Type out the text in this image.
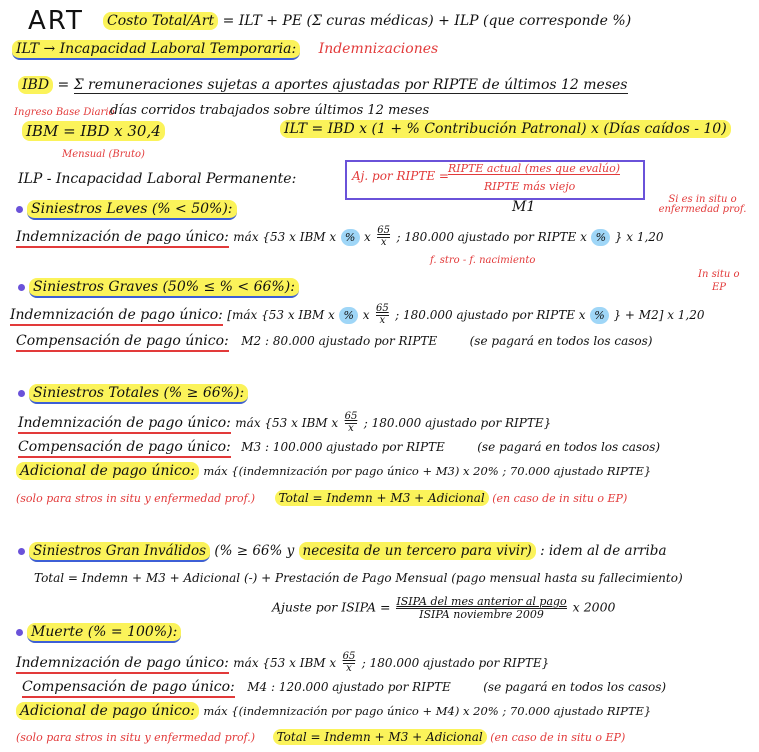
ART Costo Total/Art = ILT + PE (Σ curas médicas) + ILP (que corresponde %)
ILT → Incapacidad Laboral Temporaria: Indemnizaciones
IBD = Σ remuneraciones sujetas a aportes ajustadas por RIPTE de últimos 12 meses
Ingreso Base Diario
días corridos trabajados sobre últimos 12 meses
IBM = IBD x 30,4	ILT = IBD x (1 + % Contribución Patronal) x (Días caídos - 10)
Mensual (Bruto)
ILP - Incapacidad Laboral Permanente:	Aj. por RIPTE =
RIPTE actual (mes que evalúo)
RIPTE más viejo
Siniestros Leves (% < 50%):	M1	Si es in situ o enfermedad prof.
Indemnización de pago único: máx {53 x IBM x % x $\frac{65}{x}$ ; 180.000 ajustado por RIPTE x % } x 1,20
f. stro - f. nacimiento
Siniestros Graves (50% ≤ % < 66%):
In situ o
EP
Indemnización de pago único: [máx {53 x IBM x % x $\frac{65}{x}$ ; 180.000 ajustado por RIPTE x % } + M2] x 1,20
Compensación de pago único: M2 : 80.000 ajustado por RIPTE	(se pagará en todos los casos)
Siniestros Totales (% ≥ 66%):
Indemnización de pago único: máx {53 x IBM x $\frac{65}{x}$ ; 180.000 ajustado por RIPTE}
Compensación de pago único: M3 : 100.000 ajustado por RIPTE	(se pagará en todos los casos)
Adicional de pago único: máx {(indemnización por pago único + M3) x 20% ; 70.000 ajustado RIPTE}
(solo para stros in situ y enfermedad prof.) Total = Indemn + M3 + Adicional (en caso de in situ o EP)
Siniestros Gran Inválidos (% ≥ 66% y necesita de un tercero para vivir) : idem al de arriba
Total = Indemn + M3 + Adicional (-) + Prestación de Pago Mensual (pago mensual hasta su fallecimiento)
Ajuste por ISIPA = $\frac{\text{ISIPA del mes anterior al pago}}{\text{ISIPA noviembre 2009}}$ x 2000
Muerte (% = 100%):
Indemnización de pago único: máx {53 x IBM x $\frac{65}{x}$ ; 180.000 ajustado por RIPTE}
Compensación de pago único: M4 : 120.000 ajustado por RIPTE	(se pagará en todos los casos)
Adicional de pago único: máx {(indemnización por pago único + M4) x 20% ; 70.000 ajustado RIPTE}
(solo para stros in situ y enfermedad prof.) Total = Indemn + M3 + Adicional (en caso de in situ o EP)
